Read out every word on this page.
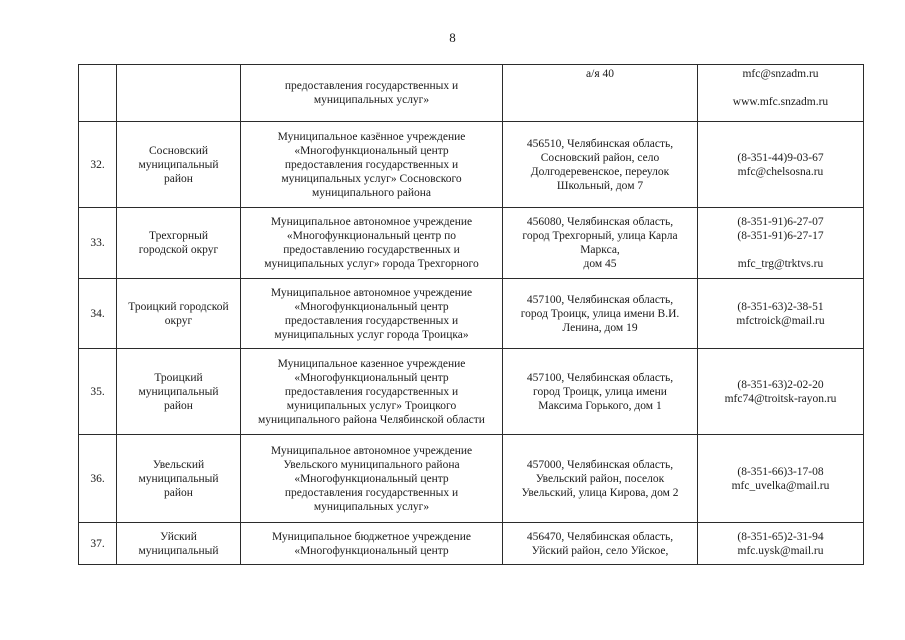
8

		предоставления государственных и
муниципальных услуг»	а/я 40	mfc@snzadm.ru
www.mfc.snzadm.ru

32.	Сосновский
муниципальный
район	Муниципальное казённое учреждение
«Многофункциональный центр
предоставления государственных и
муниципальных услуг» Сосновского
муниципального района	456510, Челябинская область,
Сосновский район, село
Долгодеревенское, переулок
Школьный, дом 7	(8-351-44)9-03-67
mfc@chelsosna.ru

33.	Трехгорный
городской округ	Муниципальное автономное учреждение
«Многофункциональный центр по
предоставлению государственных и
муниципальных услуг» города Трехгорного	456080, Челябинская область,
город Трехгорный, улица Карла
Маркса,
дом 45	(8-351-91)6-27-07
(8-351-91)6-27-17
mfc_trg@trktvs.ru

34.	Троицкий городской
округ	Муниципальное автономное учреждение
«Многофункциональный центр
предоставления государственных и
муниципальных услуг города Троицка»	457100, Челябинская область,
город Троицк, улица имени В.И.
Ленина, дом 19	(8-351-63)2-38-51
mfctroick@mail.ru

35.	Троицкий
муниципальный
район	Муниципальное казенное учреждение
«Многофункциональный центр
предоставления государственных и
муниципальных услуг» Троицкого
муниципального района Челябинской области	457100, Челябинская область,
город Троицк, улица имени
Максима Горького, дом 1	(8-351-63)2-02-20
mfc74@troitsk-rayon.ru

36.	Увельский
муниципальный
район	Муниципальное автономное учреждение
Увельского муниципального района
«Многофункциональный центр
предоставления государственных и
муниципальных услуг»	457000, Челябинская область,
Увельский район, поселок
Увельский, улица Кирова, дом 2	(8-351-66)3-17-08
mfc_uvelka@mail.ru

37.	Уйский
муниципальный	Муниципальное бюджетное учреждение
«Многофункциональный центр	456470, Челябинская область,
Уйский район, село Уйское,	(8-351-65)2-31-94
mfc.uysk@mail.ru
